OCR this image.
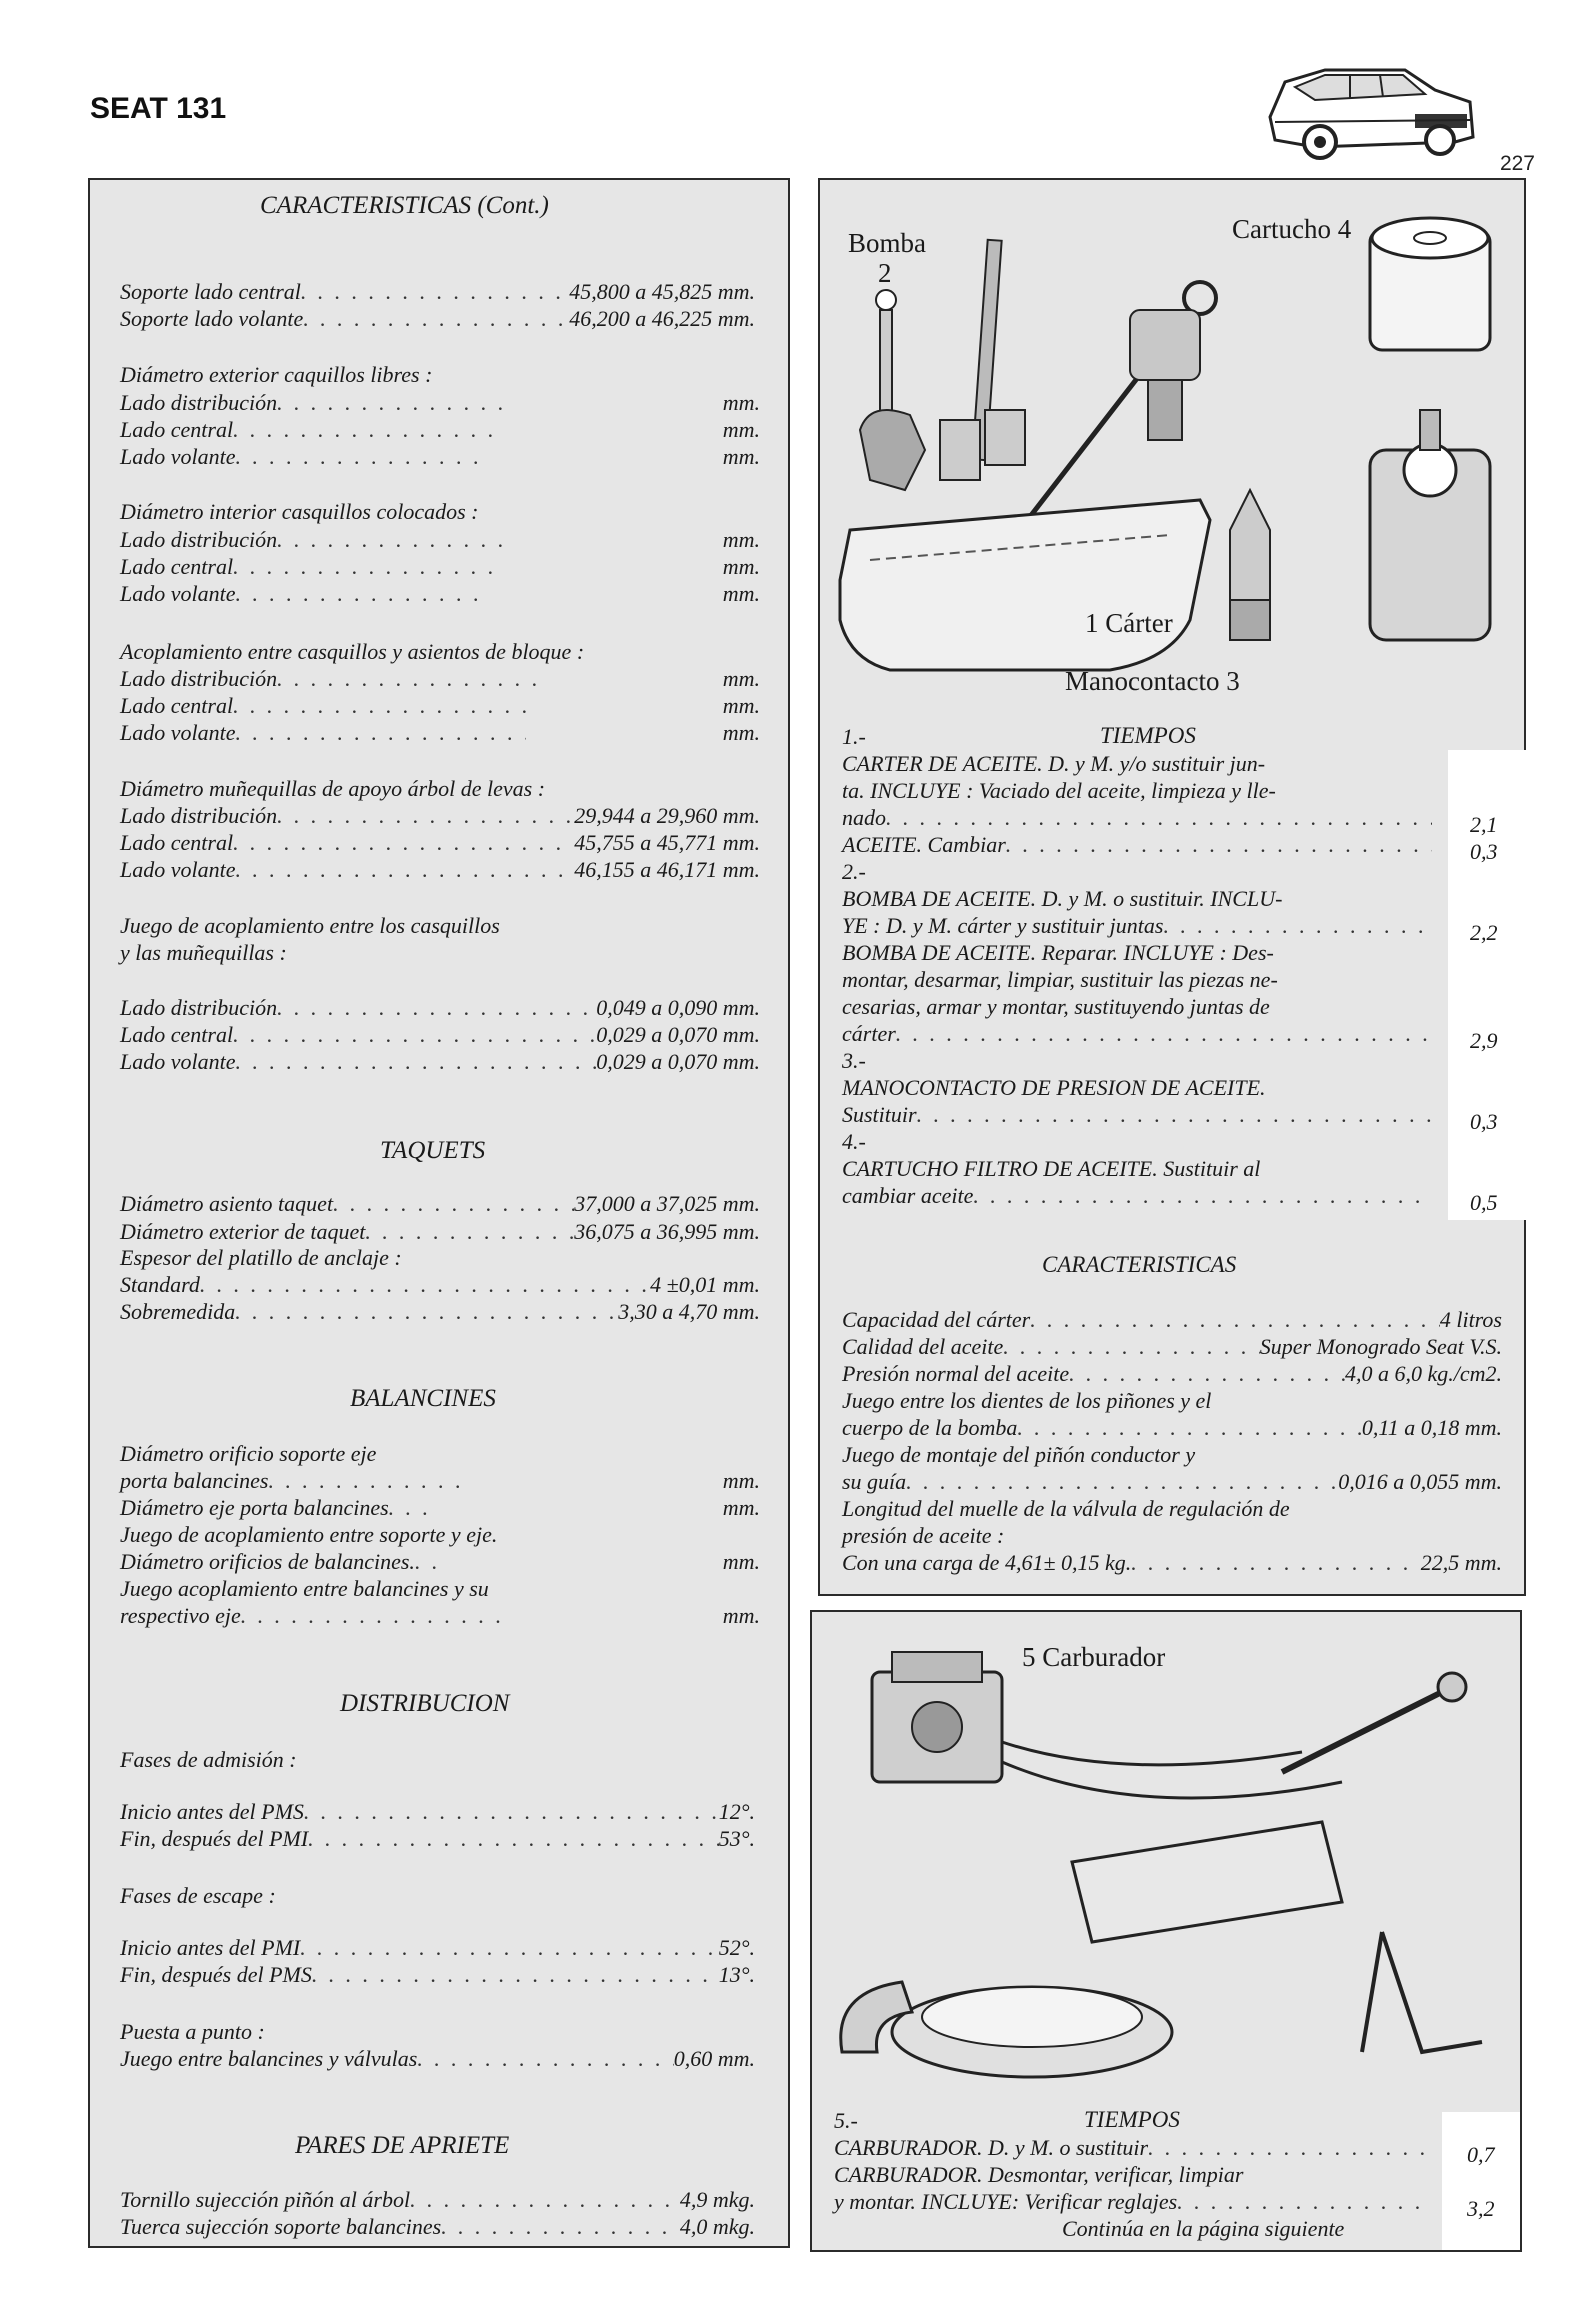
SEAT 131
227
CARACTERISTICAS (Cont.)
Soporte lado central . . .	45,800 a 45,825 mm.
Soporte lado volante . . .	46,200 a 46,225 mm.
Diámetro exterior caquillos libres :
Lado distribución . . .	mm.
Lado central . . .	mm.
Lado volante . . .	mm.
Diámetro interior casquillos colocados :
Lado distribución . . .	mm.
Lado central . . .	mm.
Lado volante . . .	mm.
Acoplamiento entre casquillos y asientos de bloque :
Lado distribución . . .	mm.
Lado central . . .	mm.
Lado volante . . .	mm.
Diámetro muñequillas de apoyo árbol de levas :
Lado distribución . . .	29,944 a 29,960 mm.
Lado central . . .	45,755 a 45,771 mm.
Lado volante . . .	46,155 a 46,171 mm.
Juego de acoplamiento entre los casquillos
y las muñequillas :
Lado distribución . . .	0,049 a 0,090 mm.
Lado central . . .	0,029 a 0,070 mm.
Lado volante . . .	0,029 a 0,070 mm.
TAQUETS
Diámetro asiento taquet . . .	37,000 a 37,025 mm.
Diámetro exterior de taquet . . .	36,075 a 36,995 mm.
Espesor del platillo de anclaje :
Standard . . .	4 ±0,01 mm.
Sobremedida . . .	3,30 a 4,70 mm.
BALANCINES
Diámetro orificio soporte eje
porta balancines . . .	mm.
Diámetro eje porta balancines . . .	mm.
Juego de acoplamiento entre soporte y eje.
Diámetro orificios de balancines. . . .	mm.
Juego acoplamiento entre balancines y su
respectivo eje . . .	mm.
DISTRIBUCION
Fases de admisión :
Inicio antes del PMS . . .	12°.
Fin, después del PMI . . .	53°.
Fases de escape :
Inicio antes del PMI . . .	52°.
Fin, después del PMS . . .	13°.
Puesta a punto :
Juego entre balancines y válvulas . . .	0,60 mm.
PARES DE APRIETE
Tornillo sujección piñón al árbol . . .	4,9 mkg.
Tuerca sujección soporte balancines . . .	4,0 mkg.
Bomba
2
Cartucho 4
1 Cárter
Manocontacto 3
1.-	TIEMPOS
CARTER DE ACEITE. D. y M. y/o sustituir jun-
ta. INCLUYE : Vaciado del aceite, limpieza y lle-
nado . . .	2,1
ACEITE. Cambiar . . .	0,3
2.-
BOMBA DE ACEITE. D. y M. o sustituir. INCLU-
YE : D. y M. cárter y sustituir juntas . . .	2,2
BOMBA DE ACEITE. Reparar. INCLUYE : Des-
montar, desarmar, limpiar, sustituir las piezas ne-
cesarias, armar y montar, sustituyendo juntas de
cárter . . .	2,9
3.-
MANOCONTACTO DE PRESION DE ACEITE.
Sustituir . . .	0,3
4.-
CARTUCHO FILTRO DE ACEITE. Sustituir al
cambiar aceite . . .	0,5
CARACTERISTICAS
Capacidad del cárter . . .	4 litros
Calidad del aceite . . .	Super Monogrado Seat V.S.
Presión normal del aceite . . .	4,0 a 6,0 kg./cm2.
Juego entre los dientes de los piñones y el
cuerpo de la bomba . . .	0,11 a 0,18 mm.
Juego de montaje del piñón conductor y
su guía . . .	0,016 a 0,055 mm.
Longitud del muelle de la válvula de regulación de
presión de aceite :
Con una carga de 4,61± 0,15 kg. . . .	22,5 mm.
5 Carburador
5.-	TIEMPOS
CARBURADOR. D. y M. o sustituir . . .	0,7
CARBURADOR. Desmontar, verificar, limpiar
y montar. INCLUYE: Verificar reglajes . . .	3,2
Continúa en la página siguiente
